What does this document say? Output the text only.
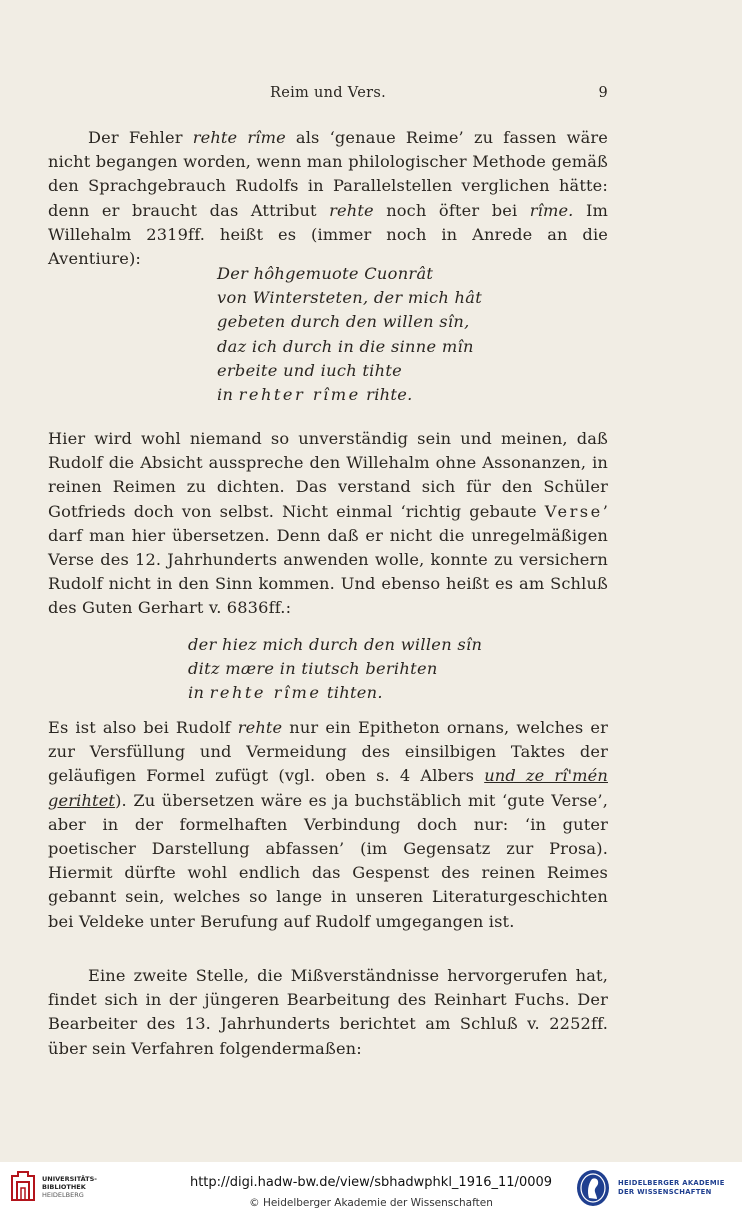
Reim und Vers.	9

Der Fehler rehte rîme als ‘genaue Reime’ zu fassen wäre nicht begangen worden, wenn man philologischer Methode gemäß den Sprachgebrauch Rudolfs in Parallelstellen verglichen hätte: denn er braucht das Attribut rehte noch öfter bei rîme. Im Willehalm 2319ff. heißt es (immer noch in Anrede an die Aventiure):

Der hôhgemuote Cuonrât
von Wintersteten, der mich hât
gebeten durch den willen sîn,
daz ich durch in die sinne mîn
erbeite und iuch tihte
in rehter rîme rihte.

Hier wird wohl niemand so unverständig sein und meinen, daß Rudolf die Absicht ausspreche den Willehalm ohne Assonanzen, in reinen Reimen zu dichten. Das verstand sich für den Schüler Gotfrieds doch von selbst. Nicht einmal ‘richtig gebaute Verse’ darf man hier übersetzen. Denn daß er nicht die unregelmäßigen Verse des 12. Jahrhunderts anwenden wolle, konnte zu versichern Rudolf nicht in den Sinn kommen. Und ebenso heißt es am Schluß des Guten Gerhart v. 6836ff.:

der hiez mich durch den willen sîn
ditz mære in tiutsch berihten
in rehte rîme tihten.

Es ist also bei Rudolf rehte nur ein Epitheton ornans, welches er zur Versfüllung und Vermeidung des einsilbigen Taktes der geläufigen Formel zufügt (vgl. oben s. 4 Albers und ze rî'mén gerihtet). Zu übersetzen wäre es ja buchstäblich mit ‘gute Verse’, aber in der formelhaften Verbindung doch nur: ‘in guter poetischer Darstellung abfassen’ (im Gegensatz zur Prosa). Hiermit dürfte wohl endlich das Gespenst des reinen Reimes gebannt sein, welches so lange in unseren Literaturgeschichten bei Veldeke unter Berufung auf Rudolf umgegangen ist.

Eine zweite Stelle, die Mißverständnisse hervorgerufen hat, findet sich in der jüngeren Bearbeitung des Reinhart Fuchs. Der Bearbeiter des 13. Jahrhunderts berichtet am Schluß v. 2252ff. über sein Verfahren folgendermaßen:

UNIVERSITÄTS-
BIBLIOTHEK
HEIDELBERG
http://digi.hadw-bw.de/view/sbhadwphkl_1916_11/0009
© Heidelberger Akademie der Wissenschaften
HEIDELBERGER AKADEMIE
DER WISSENSCHAFTEN
